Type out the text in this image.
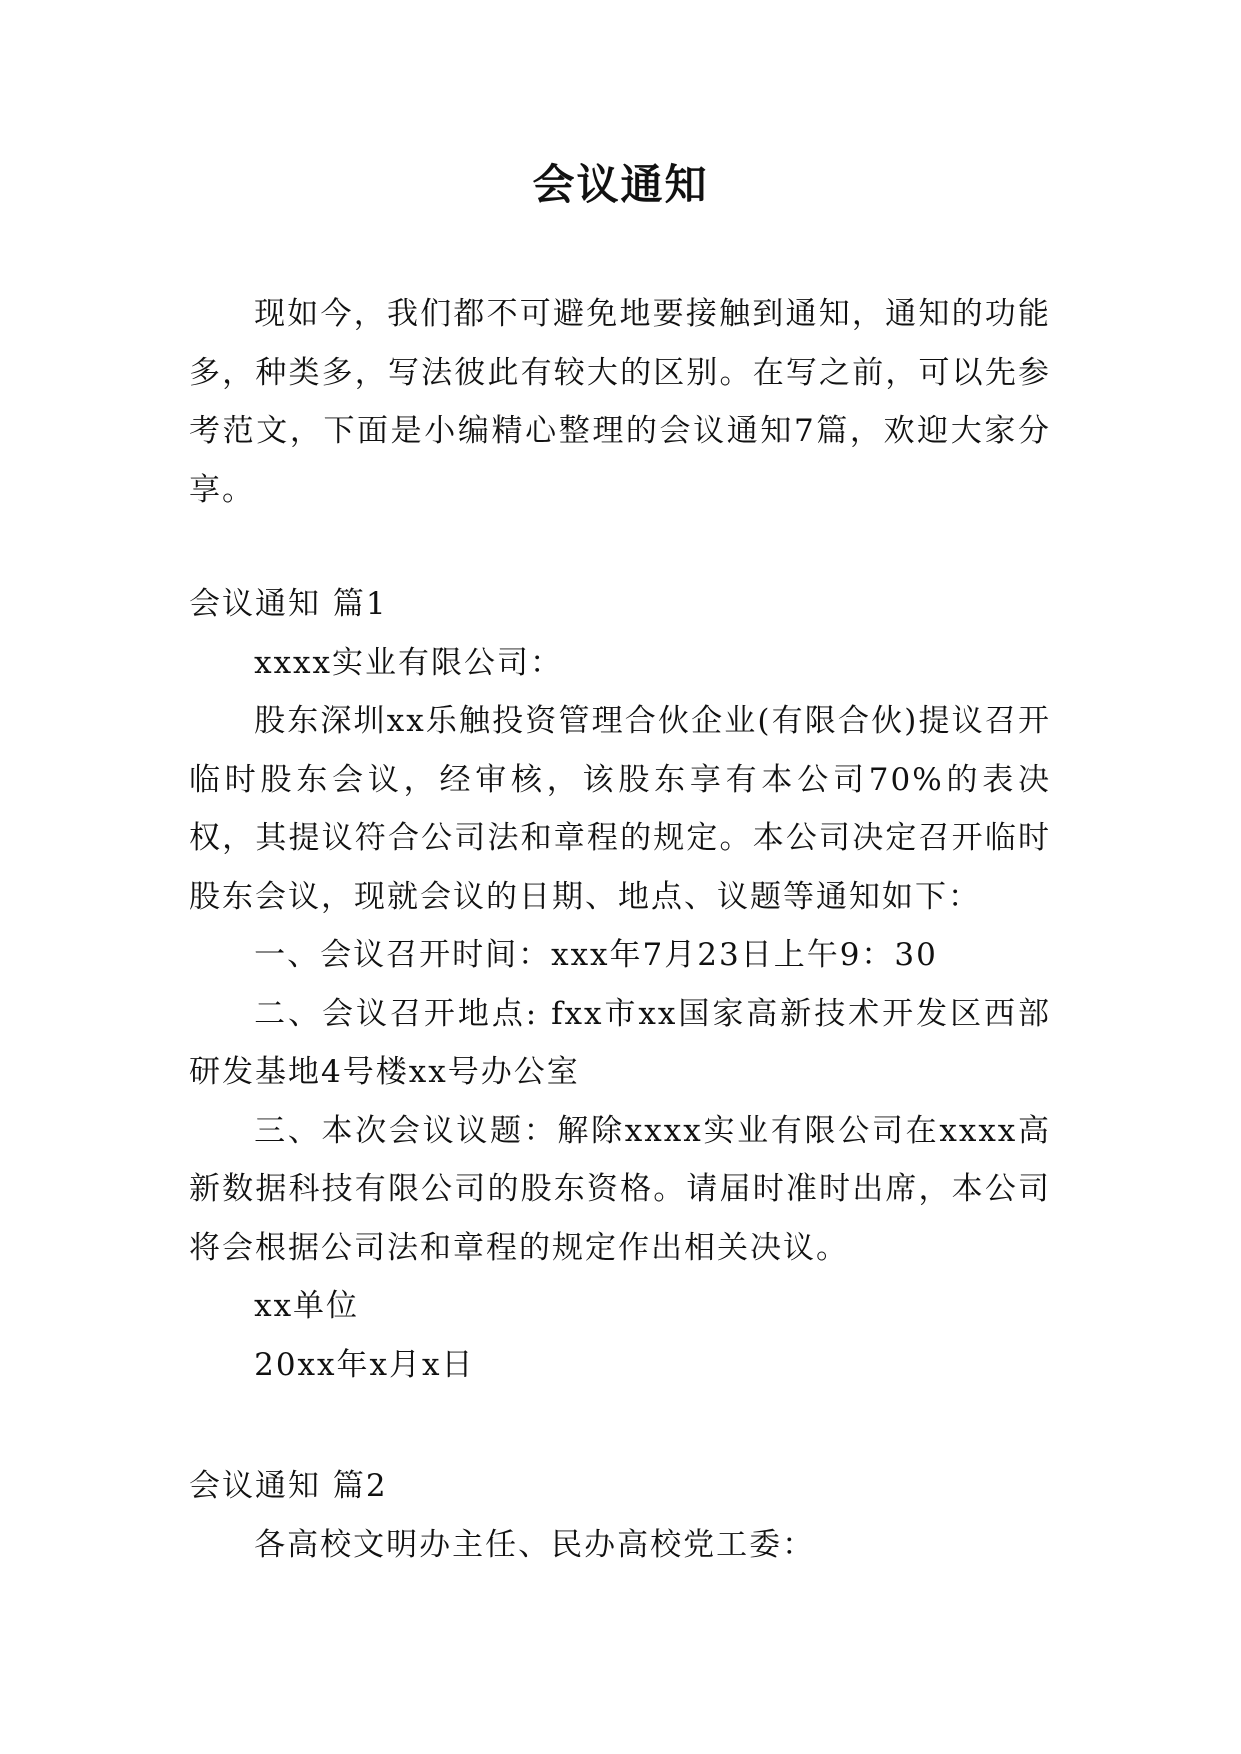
会议通知

现如今，我们都不可避免地要接触到通知，通知的功能多，种类多，写法彼此有较大的区别。在写之前，可以先参考范文，下面是小编精心整理的会议通知7篇，欢迎大家分享。

会议通知 篇1

xxxx实业有限公司：

股东深圳xx乐触投资管理合伙企业(有限合伙)提议召开临时股东会议，经审核，该股东享有本公司70%的表决权，其提议符合公司法和章程的规定。本公司决定召开临时股东会议，现就会议的日期、地点、议题等通知如下：

一、会议召开时间：xxx年7月23日上午9：30

二、会议召开地点: fxx市xx国家高新技术开发区西部研发基地4号楼xx号办公室

三、本次会议议题：解除xxxx实业有限公司在xxxx高新数据科技有限公司的股东资格。请届时准时出席，本公司将会根据公司法和章程的规定作出相关决议。

xx单位

20xx年x月x日

会议通知 篇2

各高校文明办主任、民办高校党工委：
